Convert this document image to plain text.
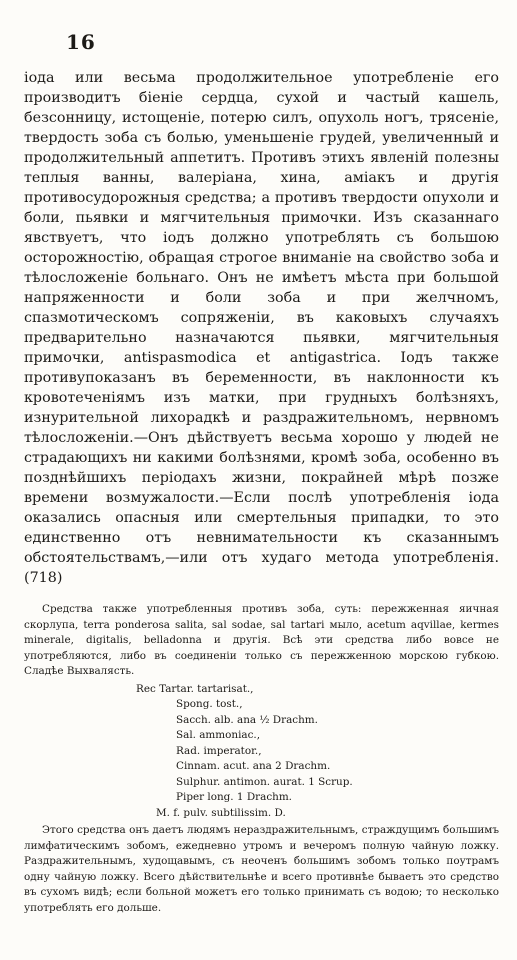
16

іода или весьма продолжительное употребленіе его производитъ біеніе сердца, сухой и частый кашель, безсонницу, истощеніе, потерю силъ, опухоль ногъ, трясеніе, твердость зоба съ болью, уменьшеніе грудей, увеличенный и продолжительный аппетитъ. Противъ этихъ явленій полезны теплыя ванны, валеріана, хина, аміакъ и другія противосудорожныя средства; а противъ твердости опухоли и боли, пьявки и мягчительныя примочки. Изъ сказаннаго явствуетъ, что іодъ должно употреблять съ большою осторожностію, обращая строгое вниманіе на свойство зоба и тѣлосложеніе больнаго. Онъ не имѣетъ мѣста при большой напряженности и боли зоба и при желчномъ, спазмотическомъ сопряженіи, въ каковыхъ случаяхъ предварительно назначаются пьявки, мягчительныя примочки, antispasmodica et antigastrica. Іодъ также противупоказанъ въ беременности, въ наклонности къ кровотеченіямъ изъ матки, при грудныхъ болѣзняхъ, изнурительной лихорадкѣ и раздражительномъ, нервномъ тѣлосложеніи.—Онъ дѣйствуетъ весьма хорошо у людей не страдающихъ ни какими болѣзнями, кромѣ зоба, особенно въ позднѣйшихъ періодахъ жизни, покрайней мѣрѣ позже времени возмужалости.—Если послѣ употребленія іода оказались опасныя или смертельныя припадки, то это единственно отъ невнимательности къ сказаннымъ обстоятельствамъ,—или отъ худаго метода употребленія. (718)

Средства также употребленныя противъ зоба, суть: пережженная яичная скорлупа, terra ponderosa salita, sal sodae, sal tartari мыло, acetum aqvillae, kermes minerale, digitalis, belladonna и другія. Всѣ эти средства либо вовсе не употребляются, либо въ соединеніи только съ пережженною морскою губкою. Сладѣе Выхвалясть.

Rec Tartar. tartarisat.,
Spong. tost.,
Sacch. alb. ana ½ Drachm.
Sal. ammoniac.,
Rad. imperator.,
Cinnam. acut. ana 2 Drachm.
Sulphur. antimon. aurat. 1 Scrup.
Piper long. 1 Drachm.
M. f. pulv. subtilissim. D.

Этого средства онъ даетъ людямъ нераздражительнымъ, страждущимъ большимъ лимфатическимъ зобомъ, ежедневно утромъ и вечеромъ полную чайную ложку. Раздражительнымъ, худощавымъ, съ неоченъ большимъ зобомъ только поутрамъ одну чайную ложку. Всего дѣйствительнѣе и всего противнѣе бываетъ это средство въ сухомъ видѣ; если больной можетъ его только принимать съ водою; то несколько употреблять его дольше.
